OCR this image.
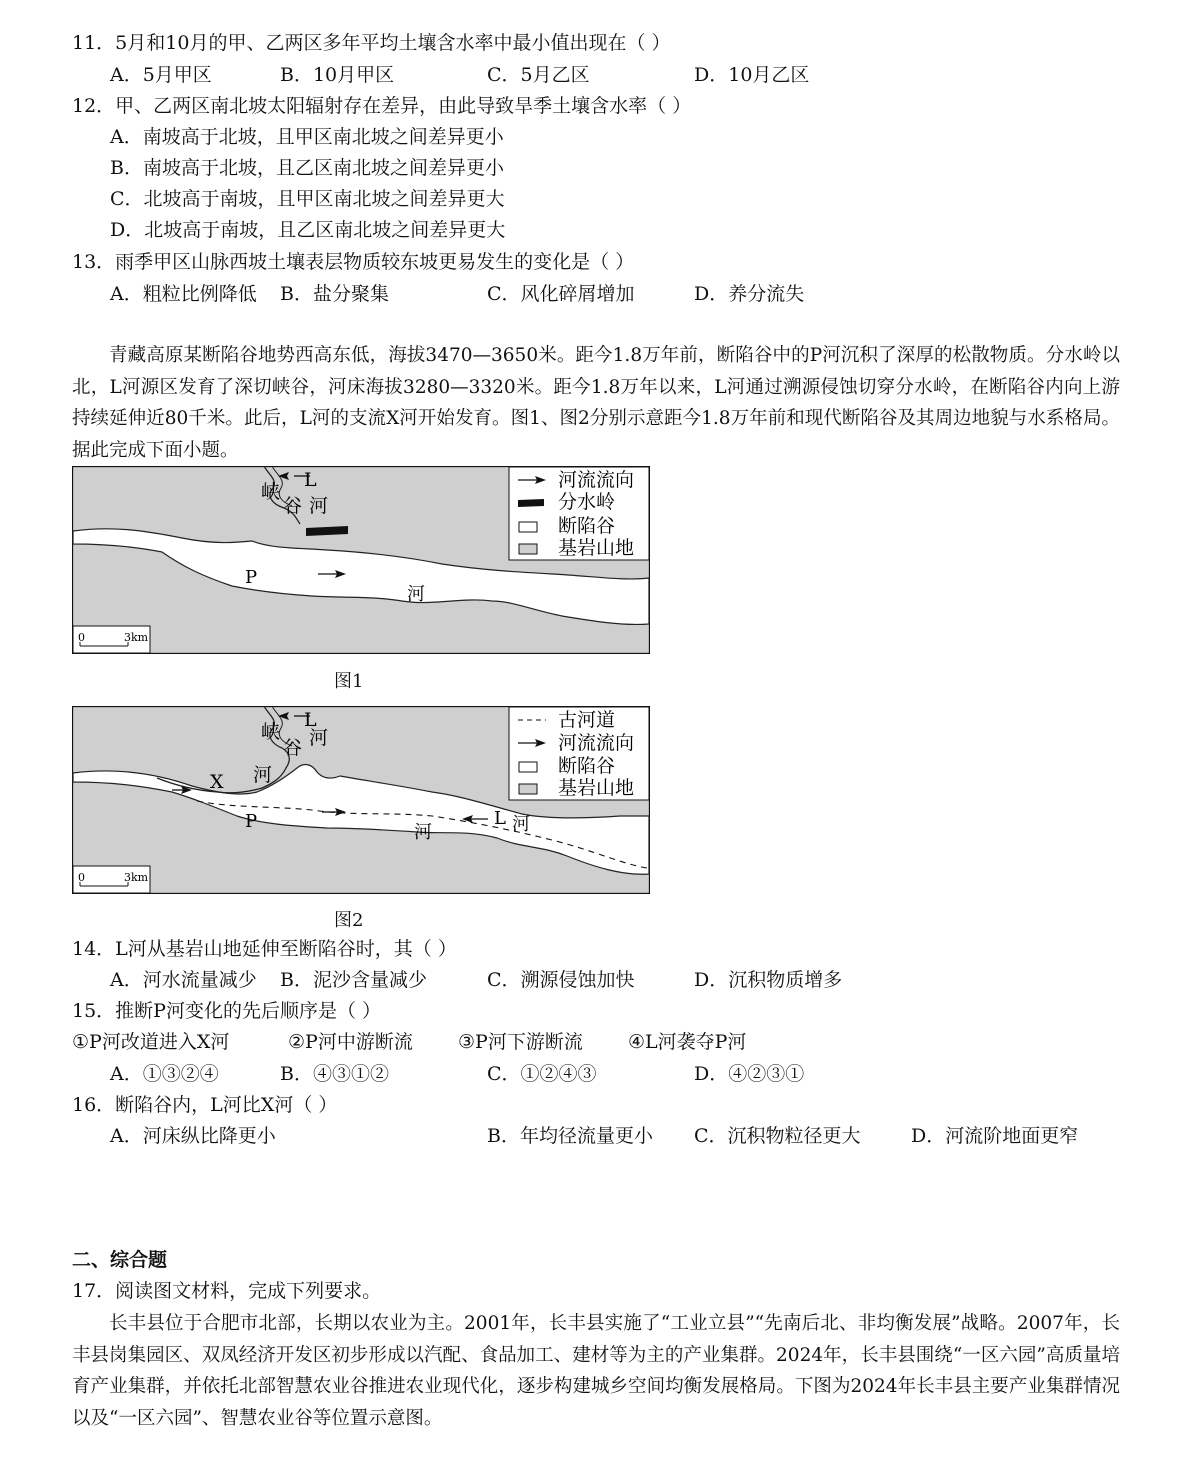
11．5月和10月的甲、乙两区多年平均土壤含水率中最小值出现在（ ）
A．5月甲区	B．10月甲区	C．5月乙区	D．10月乙区
12．甲、乙两区南北坡太阳辐射存在差异，由此导致旱季土壤含水率（ ）
A．南坡高于北坡，且甲区南北坡之间差异更小
B．南坡高于北坡，且乙区南北坡之间差异更小
C．北坡高于南坡，且甲区南北坡之间差异更大
D．北坡高于南坡，且乙区南北坡之间差异更大
13．雨季甲区山脉西坡土壤表层物质较东坡更易发生的变化是（ ）
A．粗粒比例降低 B．盐分聚集	C．风化碎屑增加	D．养分流失
青藏高原某断陷谷地势西高东低，海拔3470—3650米。距今1.8万年前，断陷谷中的P河沉积了深厚的松散物质。分水岭以北，L河源区发育了深切峡谷，河床海拔3280—3320米。距今1.8万年以来，L河通过溯源侵蚀切穿分水岭，在断陷谷内向上游持续延伸近80千米。此后，L河的支流X河开始发育。图1、图2分别示意距今1.8万年前和现代断陷谷及其周边地貌与水系格局。据此完成下面小题。
L
峡
谷 河
P
河
河流流向
分水岭
断陷谷
基岩山地
0	3km
图1
L
峡
谷 河
X 河
P
河
L 河
古河道
河流流向
断陷谷
基岩山地
0	3km
图2
14．L河从基岩山地延伸至断陷谷时，其（ ）
A．河水流量减少 B．泥沙含量减少	C．溯源侵蚀加快	D．沉积物质增多
15．推断P河变化的先后顺序是（ ）
①P河改道进入X河	②P河中游断流 ③P河下游断流 ④L河袭夺P河
A．①③②④	B．④③①②	C．①②④③	D．④②③①
16．断陷谷内，L河比X河（ ）
A．河床纵比降更小	B．年均径流量更小 C．沉积物粒径更大	D．河流阶地面更窄
二、综合题
17．阅读图文材料，完成下列要求。
长丰县位于合肥市北部，长期以农业为主。2001年，长丰县实施了“工业立县”“先南后北、非均衡发展”战略。2007年，长丰县岗集园区、双凤经济开发区初步形成以汽配、食品加工、建材等为主的产业集群。2024年，长丰县围绕“一区六园”高质量培育产业集群，并依托北部智慧农业谷推进农业现代化，逐步构建城乡空间均衡发展格局。下图为2024年长丰县主要产业集群情况以及“一区六园”、智慧农业谷等位置示意图。
